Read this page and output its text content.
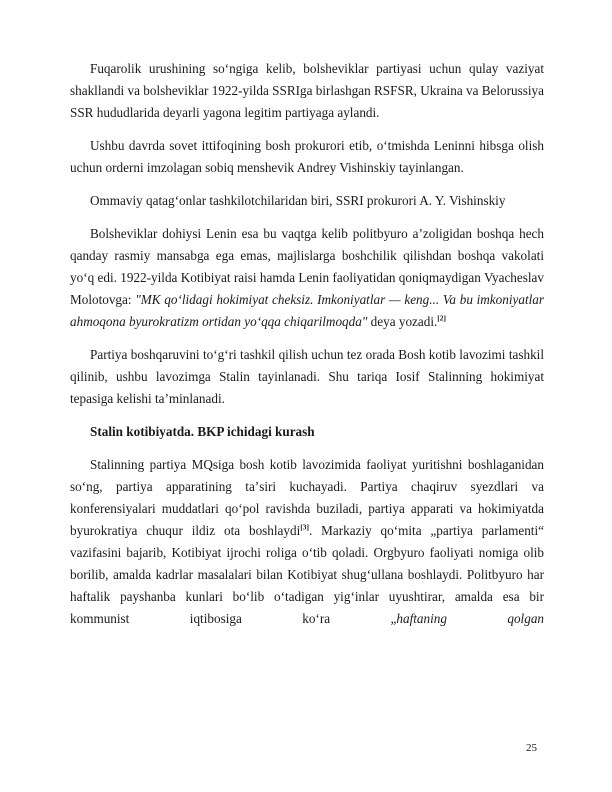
Fuqarolik urushining soʻngiga kelib, bolsheviklar partiyasi uchun qulay vaziyat shakllandi va bolsheviklar 1922-yilda SSRIga birlashgan RSFSR, Ukraina va Belorussiya SSR hududlarida deyarli yagona legitim partiyaga aylandi.

Ushbu davrda sovet ittifoqining bosh prokurori etib, oʻtmishda Leninni hibsga olish uchun orderni imzolagan sobiq menshevik Andrey Vishinskiy tayinlangan.

Ommaviy qatagʻonlar tashkilotchilaridan biri, SSRI prokurori A. Y. Vishinskiy

Bolsheviklar dohiysi Lenin esa bu vaqtga kelib politbyuro aʼzoligidan boshqa hech qanday rasmiy mansabga ega emas, majlislarga boshchilik qilishdan boshqa vakolati yoʻq edi. 1922-yilda Kotibiyat raisi hamda Lenin faoliyatidan qoniqmaydigan Vyacheslav Molotovga: "MK qoʻlidagi hokimiyat cheksiz. Imkoniyatlar — keng... Va bu imkoniyatlar ahmoqona byurokratizm ortidan yoʻqqa chiqarilmoqda" deya yozadi.[2]

Partiya boshqaruvini toʻgʻri tashkil qilish uchun tez orada Bosh kotib lavozimi tashkil qilinib, ushbu lavozimga Stalin tayinlanadi. Shu tariqa Iosif Stalinning hokimiyat tepasiga kelishi taʼminlanadi.

Stalin kotibiyatda. BKP ichidagi kurash

Stalinning partiya MQsiga bosh kotib lavozimida faoliyat yuritishni boshlaganidan soʻng, partiya apparatining taʼsiri kuchayadi. Partiya chaqiruv syezdlari va konferensiyalari muddatlari qoʻpol ravishda buziladi, partiya apparati va hokimiyatda byurokratiya chuqur ildiz ota boshlaydi[3]. Markaziy qoʻmita „partiya parlamenti“ vazifasini bajarib, Kotibiyat ijrochi roliga oʻtib qoladi. Orgbyuro faoliyati nomiga olib borilib, amalda kadrlar masalalari bilan Kotibiyat shugʻullana boshlaydi. Politbyuro har haftalik payshanba kunlari boʻlib oʻtadigan yigʻinlar uyushtirar, amalda esa bir kommunist iqtibosiga koʻra „haftaning qolgan

25
